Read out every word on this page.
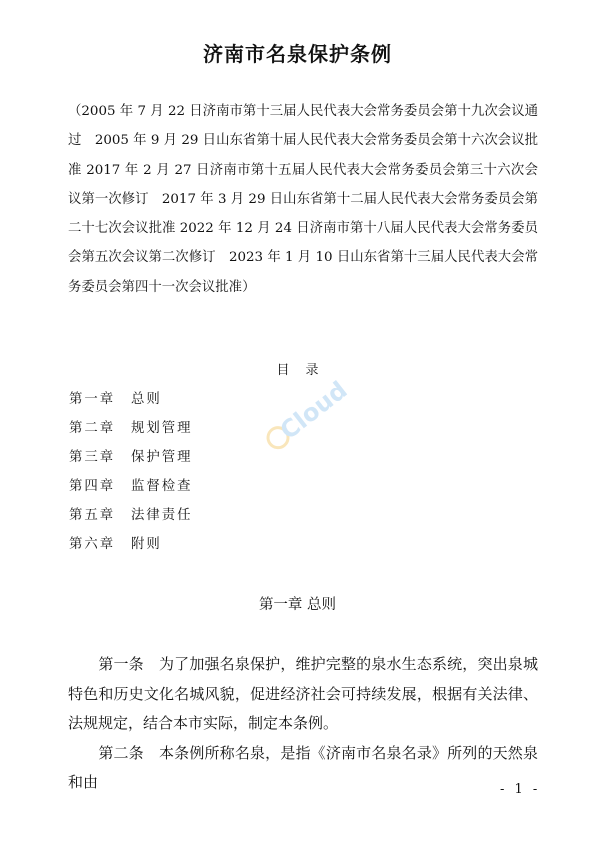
济南市名泉保护条例
（2005 年 7 月 22 日济南市第十三届人民代表大会常务委员会第十九次会议通过　2005 年 9 月 29 日山东省第十届人民代表大会常务委员会第十六次会议批准 2017 年 2 月 27 日济南市第十五届人民代表大会常务委员会第三十六次会议第一次修订　2017 年 3 月 29 日山东省第十二届人民代表大会常务委员会第二十七次会议批准 2022 年 12 月 24 日济南市第十八届人民代表大会常务委员会第五次会议第二次修订　2023 年 1 月 10 日山东省第十三届人民代表大会常务委员会第四十一次会议批准）
目录
第一章 总则
第二章 规划管理
第三章 保护管理
第四章 监督检查
第五章 法律责任
第六章 附则
Cloud
第一章 总则

　　第一条　 为了加强名泉保护，维护完整的泉水生态系统，突出泉城特色和历史文化名城风貌，促进经济社会可持续发展，根据有关法律、法规规定，结合本市实际，制定本条例。

　　第二条　 本条例所称名泉，是指《济南市名泉名录》所列的天然泉和由	- 1 -
